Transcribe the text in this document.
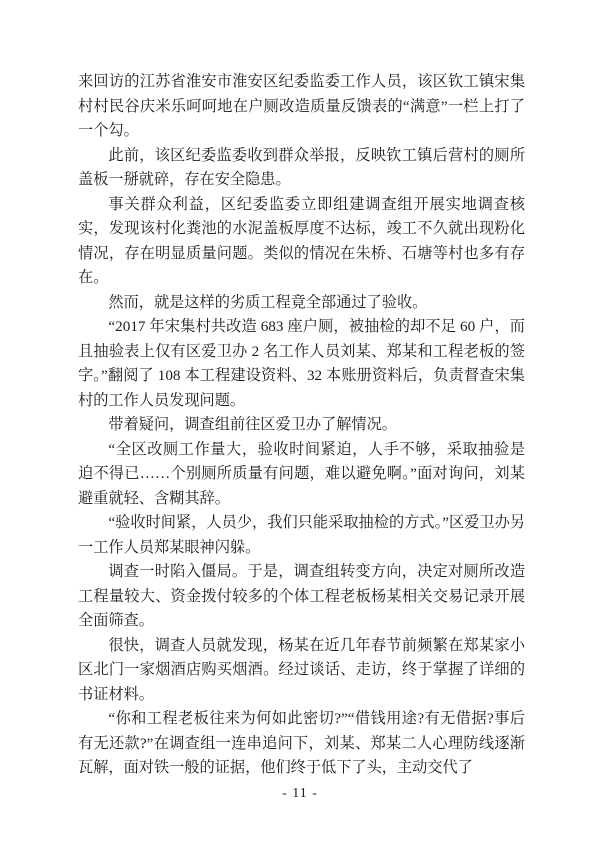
来回访的江苏省淮安市淮安区纪委监委工作人员，该区钦工镇宋集村村民谷庆米乐呵呵地在户厕改造质量反馈表的“满意”一栏上打了一个勾。

此前，该区纪委监委收到群众举报，反映钦工镇后营村的厕所盖板一掰就碎，存在安全隐患。

事关群众利益，区纪委监委立即组建调查组开展实地调查核实，发现该村化粪池的水泥盖板厚度不达标，竣工不久就出现粉化情况，存在明显质量问题。类似的情况在朱桥、石塘等村也多有存在。

然而，就是这样的劣质工程竟全部通过了验收。

“2017 年宋集村共改造 683 座户厕，被抽检的却不足 60 户，而且抽验表上仅有区爱卫办 2 名工作人员刘某、郑某和工程老板的签字。”翻阅了 108 本工程建设资料、32 本账册资料后，负责督查宋集村的工作人员发现问题。

带着疑问，调查组前往区爱卫办了解情况。

“全区改厕工作量大，验收时间紧迫，人手不够，采取抽验是迫不得已……个别厕所质量有问题，难以避免啊。”面对询问，刘某避重就轻、含糊其辞。

“验收时间紧，人员少，我们只能采取抽检的方式。”区爱卫办另一工作人员郑某眼神闪躲。

调查一时陷入僵局。于是，调查组转变方向，决定对厕所改造工程量较大、资金拨付较多的个体工程老板杨某相关交易记录开展全面筛查。

很快，调查人员就发现，杨某在近几年春节前频繁在郑某家小区北门一家烟酒店购买烟酒。经过谈话、走访，终于掌握了详细的书证材料。

“你和工程老板往来为何如此密切?”“借钱用途?有无借据?事后有无还款?”在调查组一连串追问下，刘某、郑某二人心理防线逐渐瓦解，面对铁一般的证据，他们终于低下了头，主动交代了

- 11 -
